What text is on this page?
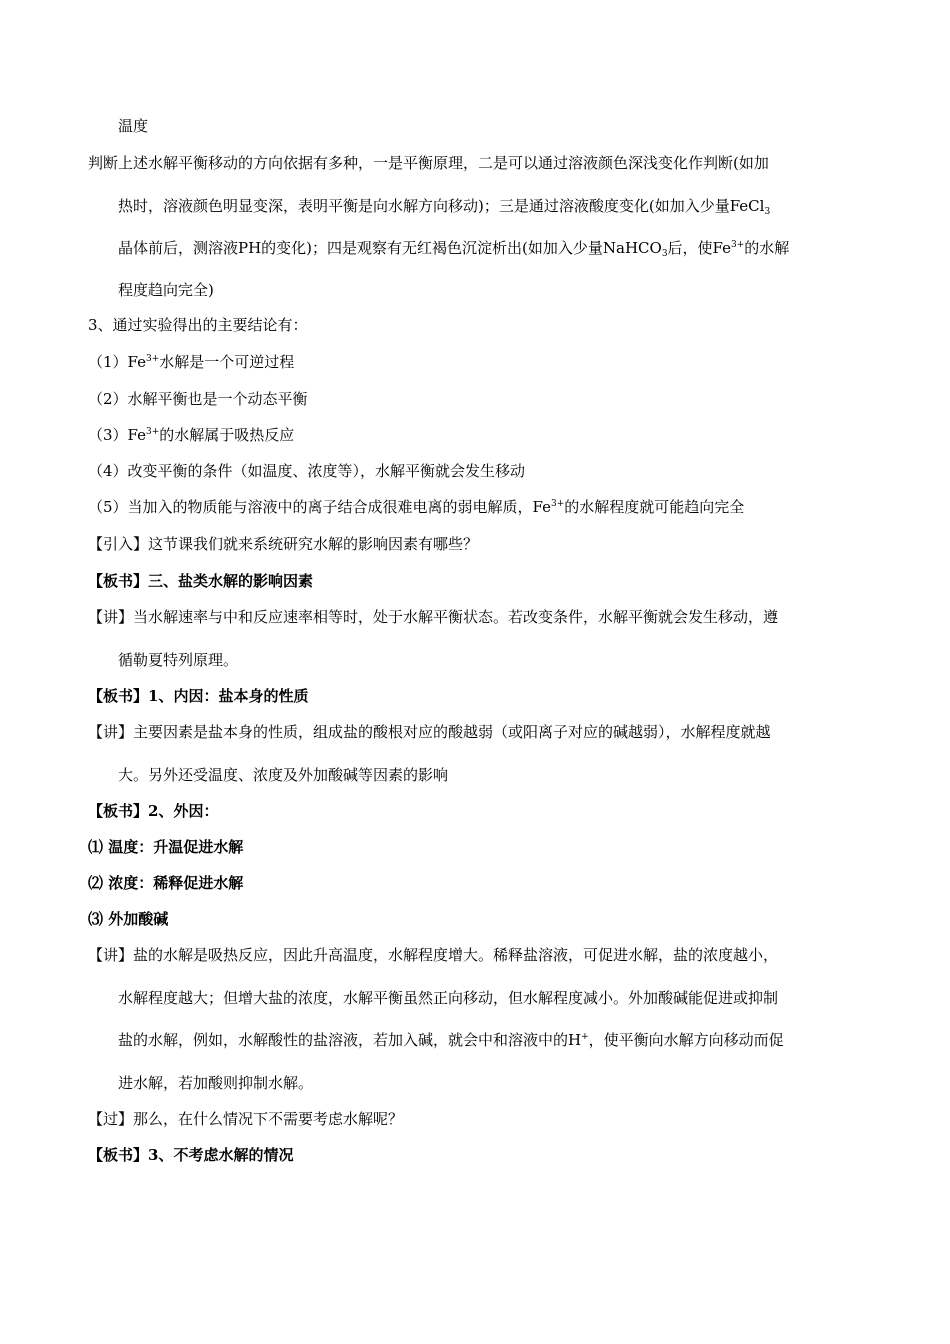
温度
判断上述水解平衡移动的方向依据有多种，一是平衡原理，二是可以通过溶液颜色深浅变化作判断(如加
热时，溶液颜色明显变深，表明平衡是向水解方向移动)；三是通过溶液酸度变化(如加入少量FeCl$_3$
晶体前后，测溶液PH的变化)；四是观察有无红褐色沉淀析出(如加入少量NaHCO$_3$后，使$Fe^{3+}$的水解
程度趋向完全)
3、通过实验得出的主要结论有：
$(1)Fe^{3+}$水解是一个可逆过程
（2）水解平衡也是一个动态平衡
$(3)Fe^{3+}$的水解属于吸热反应
（4）改变平衡的条件（如温度、浓度等），水解平衡就会发生移动
（5）当加入的物质能与溶液中的离子结合成很难电离的弱电解质，$Fe^{3+}$的水解程度就可能趋向完全
【引入】这节课我们就来系统研究水解的影响因素有哪些？
【板书】三、盐类水解的影响因素
【讲】当水解速率与中和反应速率相等时，处于水解平衡状态。若改变条件，水解平衡就会发生移动，遵
循勒夏特列原理。
【板书】1、内因：盐本身的性质
【讲】主要因素是盐本身的性质，组成盐的酸根对应的酸越弱（或阳离子对应的碱越弱），水解程度就越
大。另外还受温度、浓度及外加酸碱等因素的影响
【板书】2、外因：
⑴ 温度：升温促进水解
⑵ 浓度：稀释促进水解
⑶ 外加酸碱
【讲】盐的水解是吸热反应，因此升高温度，水解程度增大。稀释盐溶液，可促进水解，盐的浓度越小，
水解程度越大；但增大盐的浓度，水解平衡虽然正向移动，但水解程度减小。外加酸碱能促进或抑制
盐的水解，例如，水解酸性的盐溶液，若加入碱，就会中和溶液中的H+，使平衡向水解方向移动而促
进水解，若加酸则抑制水解。
【过】那么，在什么情况下不需要考虑水解呢？
【板书】3、不考虑水解的情况
